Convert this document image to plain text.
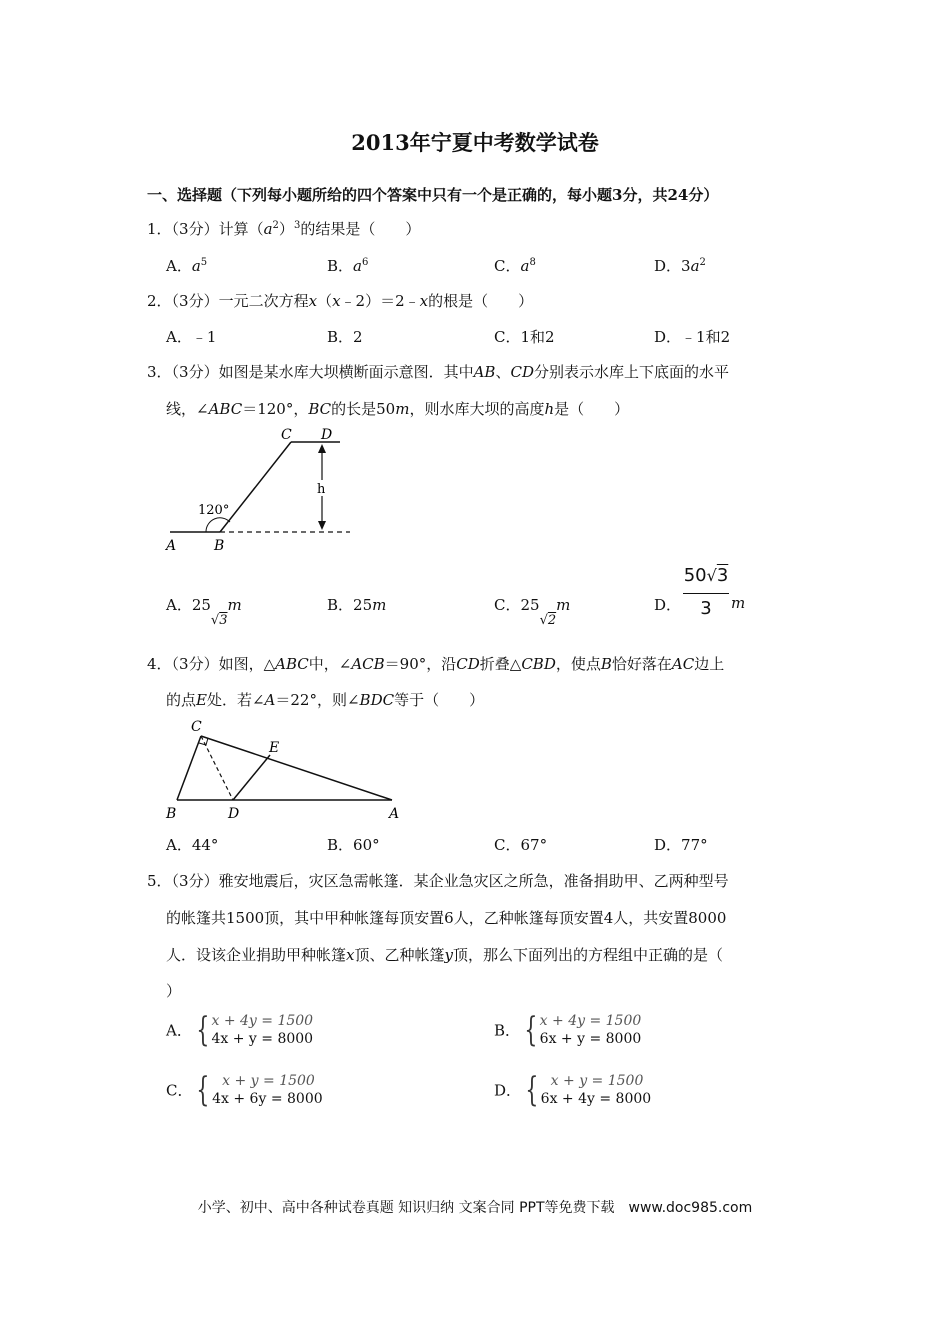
2013年宁夏中考数学试卷
一、选择题（下列每小题所给的四个答案中只有一个是正确的，每小题3分，共24分）
1．（3分）计算$(a^2)^3$的结果是（　　）
A．$a^5$	B．$a^6$	C．$a^8$	D．$3a^2$
2．（3分）一元二次方程x（x﹣2）＝2﹣x的根是（　　）
A．﹣1	B．2	C．1和2	D．﹣1和2
3．（3分）如图是某水库大坝横断面示意图．其中AB、CD分别表示水库上下底面的水平
线，∠ABC＝120°，BC的长是50m，则水库大坝的高度h是（　　）
h
C D
120°
A	B
A．25√3m	B．25m	C．25√2m	D．
50√3
3	m
4．（3分）如图，△ABC中，∠ACB＝90°，沿CD折叠△CBD，使点B恰好落在AC边上
的点E处．若∠A＝22°，则∠BDC等于（　　）
C
E
B	D	A
A．44°	B．60°	C．67°	D．77°
5．（3分）雅安地震后，灾区急需帐篷．某企业急灾区之所急，准备捐助甲、乙两种型号
的帐篷共1500顶，其中甲种帐篷每顶安置6人，乙种帐篷每顶安置4人，共安置8000
人．设该企业捐助甲种帐篷x顶、乙种帐篷y顶，那么下面列出的方程组中正确的是（
）
A． { x + 4y = 1500
4x + y = 8000	B． { x + 4y = 1500
6x + y = 8000
C． { x + y = 1500
4x + 6y = 8000	D． { x + y = 1500
6x + 4y = 8000
小学、初中、高中各种试卷真题 知识归纳 文案合同 PPT等免费下载　www.doc985.com
